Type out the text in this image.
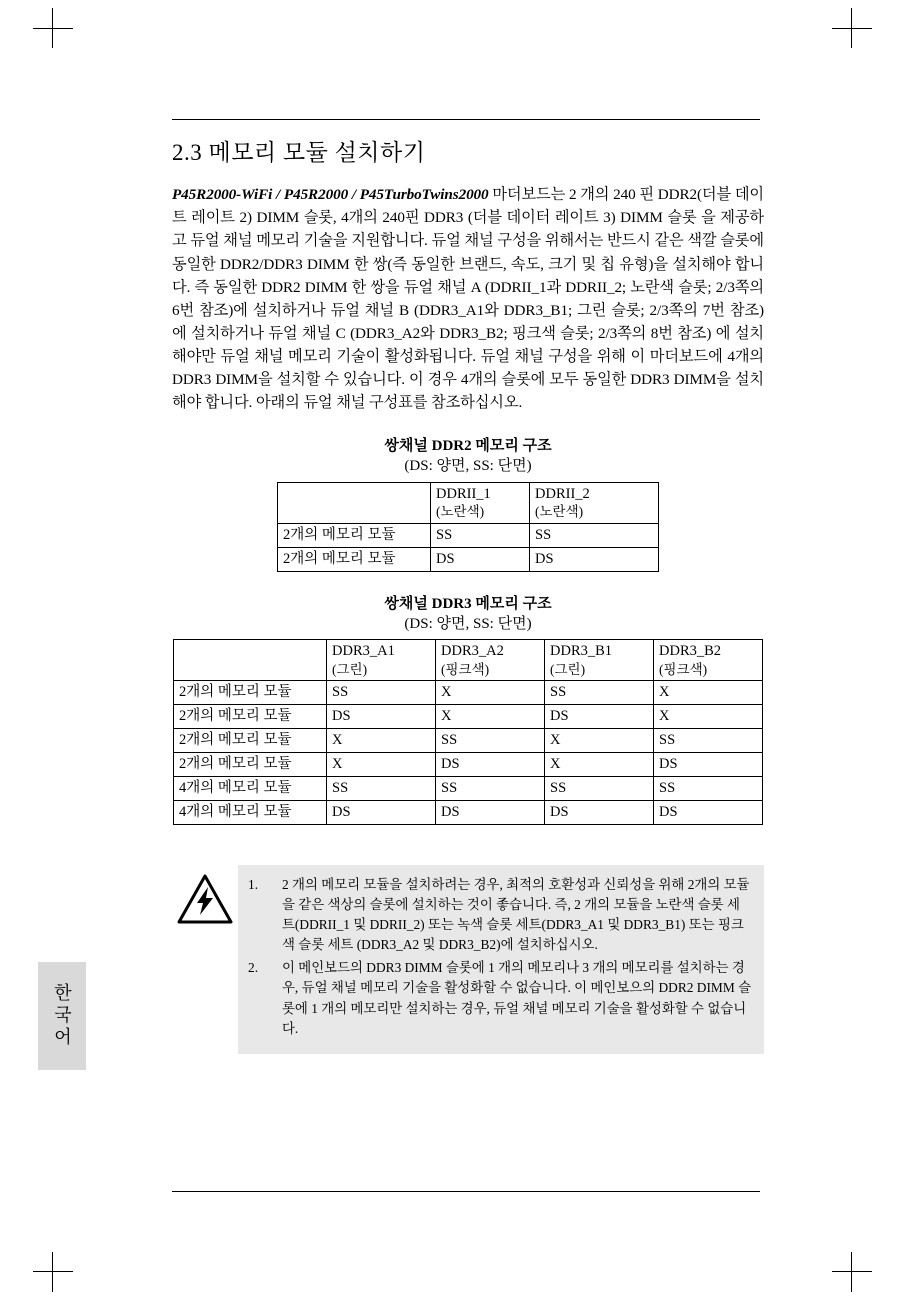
한국어
2.3 메모리 모듈 설치하기

P45R2000-WiFi / P45R2000 / P45TurboTwins2000 마더보드는 2 개의 240 핀 DDR2(더블 데이트 레이트 2) DIMM 슬롯, 4개의 240핀 DDR3 (더블 데이터 레이트 3) DIMM 슬롯 을 제공하고 듀얼 채널 메모리 기술을 지원합니다. 듀얼 채널 구성을 위해서는 반드시 같은 색깔 슬롯에 동일한 DDR2/DDR3 DIMM 한 쌍(즉 동일한 브랜드, 속도, 크기 및 칩 유형)을 설치해야 합니다. 즉 동일한 DDR2 DIMM 한 쌍을 듀얼 채널 A (DDRII_1과 DDRII_2; 노란색 슬롯; 2/3쪽의 6번 참조)에 설치하거나 듀얼 채널 B (DDR3_A1와 DDR3_B1; 그린 슬롯; 2/3쪽의 7번 참조) 에 설치하거나 듀얼 채널 C (DDR3_A2와 DDR3_B2; 핑크색 슬롯; 2/3쪽의 8번 참조) 에 설치해야만 듀얼 채널 메모리 기술이 활성화됩니다. 듀얼 채널 구성을 위해 이 마더보드에 4개의 DDR3 DIMM을 설치할 수 있습니다. 이 경우 4개의 슬롯에 모두 동일한 DDR3 DIMM을 설치해야 합니다. 아래의 듀얼 채널 구성표를 참조하십시오.

쌍채널 DDR2 메모리 구조
(DS: 양면, SS: 단면)
	DDRII_1
(노란색)	DDRII_2
(노란색)

2개의 메모리 모듈	SS	SS
2개의 메모리 모듈	DS	DS
쌍채널 DDR3 메모리 구조
(DS: 양면, SS: 단면)
	DDR3_A1
(그린)	DDR3_A2
(핑크색)	DDR3_B1
(그린)	DDR3_B2
(핑크색)

2개의 메모리 모듈	SS	X	SS	X
2개의 메모리 모듈	DS	X	DS	X
2개의 메모리 모듈	X	SS	X	SS
2개의 메모리 모듈	X	DS	X	DS
4개의 메모리 모듈	SS	SS	SS	SS
4개의 메모리 모듈	DS	DS	DS	DS
1.	2 개의 메모리 모듈을 설치하려는 경우, 최적의 호환성과 신뢰성을 위해 2개의 모듈을 같은 색상의 슬롯에 설치하는 것이 좋습니다. 즉, 2 개의 모듈을 노란색 슬롯 세트(DDRII_1 및 DDRII_2) 또는 녹색 슬롯 세트(DDR3_A1 및 DDR3_B1) 또는 핑크색 슬롯 세트 (DDR3_A2 및 DDR3_B2)에 설치하십시오.
2.	이 메인보드의 DDR3 DIMM 슬롯에 1 개의 메모리나 3 개의 메모리를 설치하는 경우, 듀얼 채널 메모리 기술을 활성화할 수 없습니다. 이 메인보으의 DDR2 DIMM 슬롯에 1 개의 메모리만 설치하는 경우, 듀얼 채널 메모리 기술을 활성화할 수 없습니다.
